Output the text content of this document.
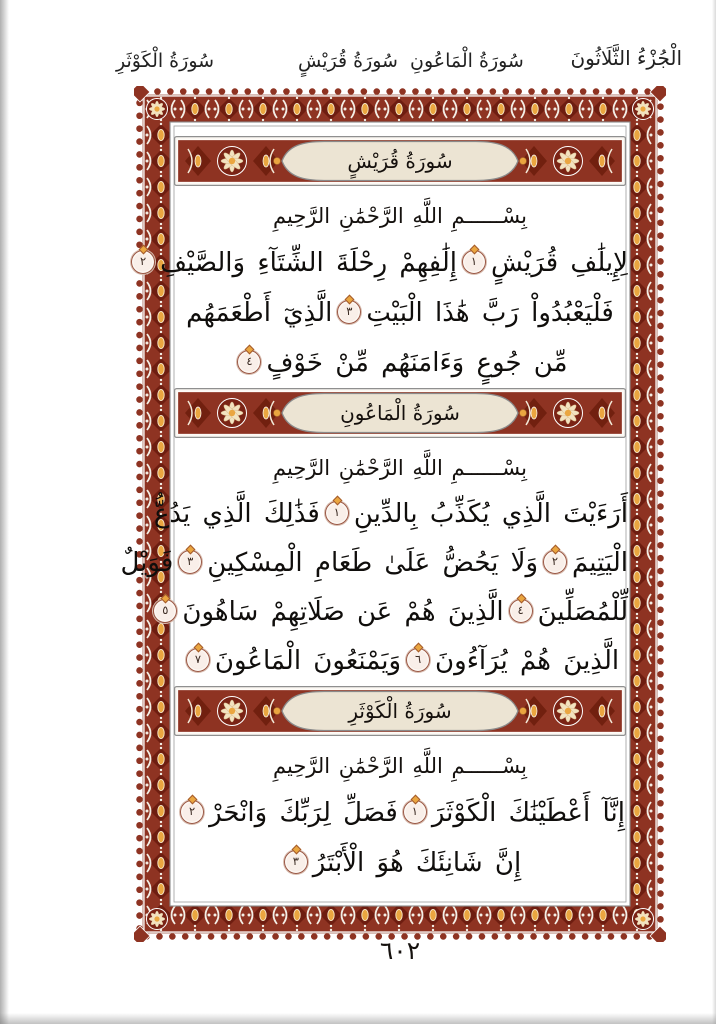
سُورَةُ الْكَوْثَرِ	سُورَةُ قُرَيْشٍ سُورَةُ الْمَاعُونِ الْجُزْءُ الثَّلَاثُونَ
سُورَةُ قُرَيْشٍ
بِسْــــــمِ اللَّهِ الرَّحْمَٰنِ الرَّحِيمِ
لِإِيلَٰفِ قُرَيْشٍ١إِلَٰفِهِمْ رِحْلَةَ الشِّتَآءِ وَالصَّيْفِ٢
فَلْيَعْبُدُواْ رَبَّ هَٰذَا الْبَيْتِ٣الَّذِيٓ أَطْعَمَهُم
مِّن جُوعٍ وَءَامَنَهُم مِّنْ خَوْفٍ٤
سُورَةُ الْمَاعُونِ
بِسْــــــمِ اللَّهِ الرَّحْمَٰنِ الرَّحِيمِ
أَرَءَيْتَ الَّذِي يُكَذِّبُ بِالدِّينِ١فَذَٰلِكَ الَّذِي يَدُعُّ
الْيَتِيمَ٢وَلَا يَحُضُّ عَلَىٰ طَعَامِ الْمِسْكِينِ٣فَوَيْلٌ
لِّلْمُصَلِّينَ٤الَّذِينَ هُمْ عَن صَلَاتِهِمْ سَاهُونَ٥
الَّذِينَ هُمْ يُرَآءُونَ٦وَيَمْنَعُونَ الْمَاعُونَ٧
سُورَةُ الْكَوْثَرِ
بِسْــــــمِ اللَّهِ الرَّحْمَٰنِ الرَّحِيمِ
إِنَّآ أَعْطَيْنَٰكَ الْكَوْثَرَ١فَصَلِّ لِرَبِّكَ وَانْحَرْ٢
إِنَّ شَانِئَكَ هُوَ الْأَبْتَرُ٣
٦٠٢
